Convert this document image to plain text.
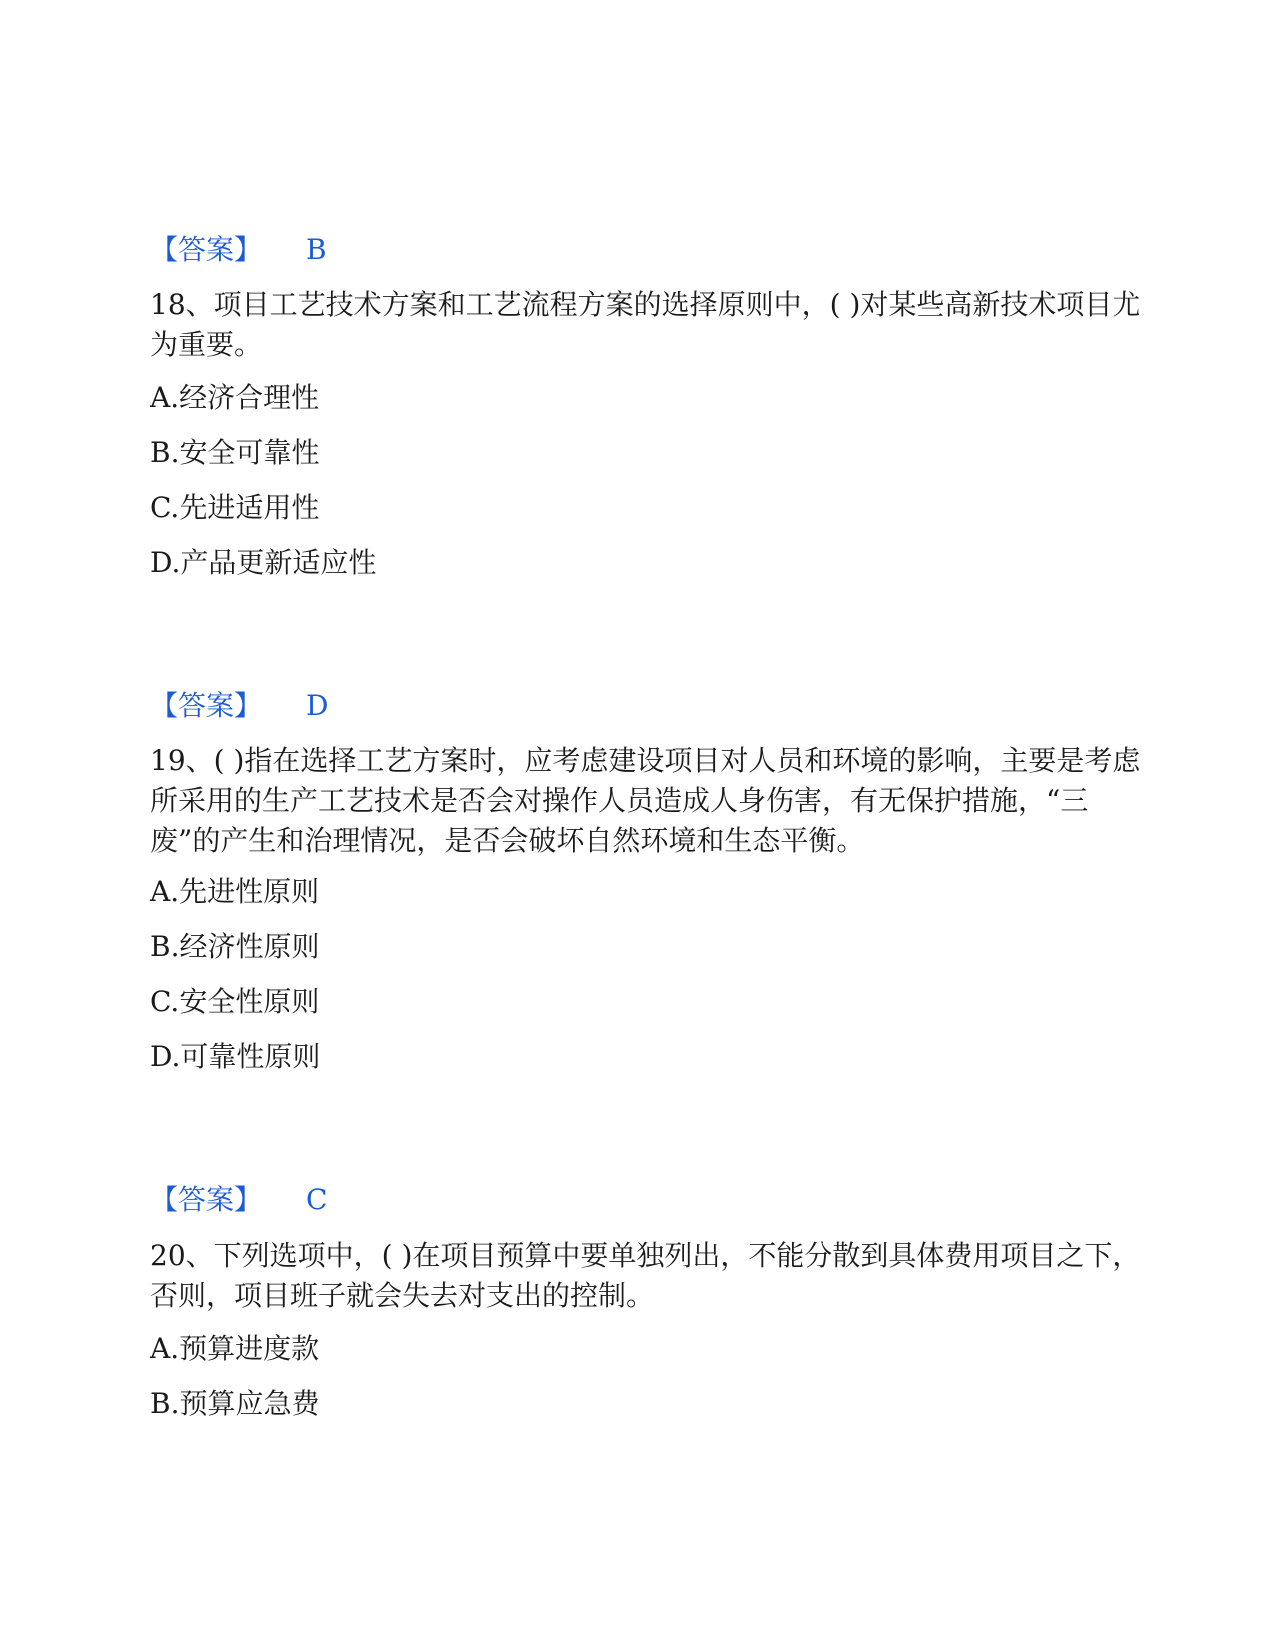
【答案】 B

18、项目工艺技术方案和工艺流程方案的选择原则中，( )对某些高新技术项目尤为重要。

A.经济合理性
B.安全可靠性
C.先进适用性
D.产品更新适应性
【答案】 D

19、( )指在选择工艺方案时，应考虑建设项目对人员和环境的影响，主要是考虑所采用的生产工艺技术是否会对操作人员造成人身伤害，有无保护措施，“三废”的产生和治理情况，是否会破坏自然环境和生态平衡。

A.先进性原则
B.经济性原则
C.安全性原则
D.可靠性原则
【答案】 C

20、下列选项中，( )在项目预算中要单独列出，不能分散到具体费用项目之下，否则，项目班子就会失去对支出的控制。

A.预算进度款
B.预算应急费
